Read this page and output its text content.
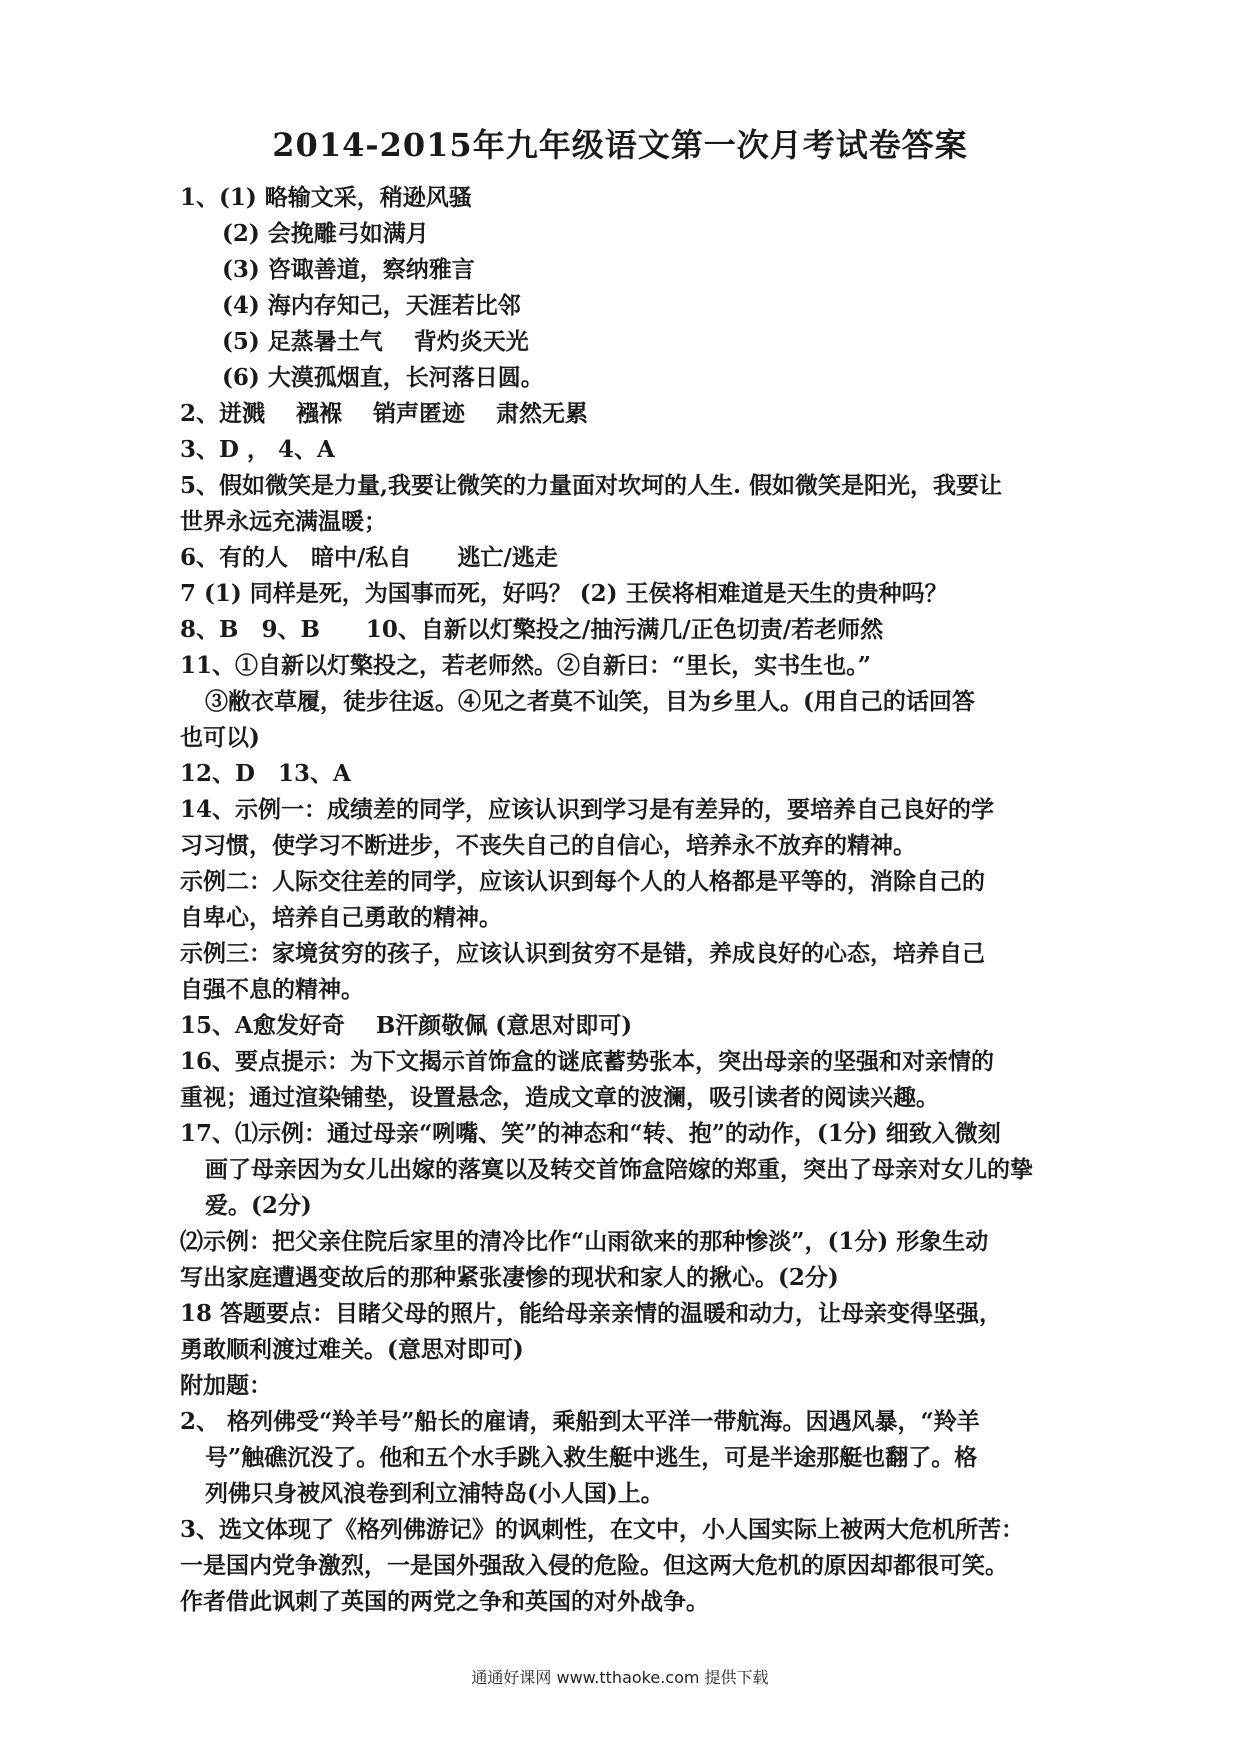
2014-2015年九年级语文第一次月考试卷答案
1、(1) 略输文采，稍逊风骚
(2) 会挽雕弓如满月
(3) 咨诹善道，察纳雅言
(4) 海内存知己，天涯若比邻
(5) 足蒸暑土气　 背灼炎天光
(6) 大漠孤烟直，长河落日圆。
2、迸溅　 襁褓　 销声匿迹　 肃然无累
3、D ， 4、A
5、假如微笑是力量,我要让微笑的力量面对坎坷的人生. 假如微笑是阳光，我要让
世界永远充满温暖；
6、有的人　暗中/私自　　逃亡/逃走
7 (1) 同样是死，为国事而死，好吗？ (2) 王侯将相难道是天生的贵种吗？
8、B　9、B　　10、自新以灯檠投之/抽污满几/正色切责/若老师然
11、①自新以灯檠投之，若老师然。②自新曰：“里长，实书生也。”
③敝衣草履，徒步往返。④见之者莫不讪笑，目为乡里人。(用自己的话回答
也可以)
12、D　13、A
14、示例一：成绩差的同学，应该认识到学习是有差异的，要培养自己良好的学
习习惯，使学习不断进步，不丧失自己的自信心，培养永不放弃的精神。
示例二：人际交往差的同学，应该认识到每个人的人格都是平等的，消除自己的
自卑心，培养自己勇敢的精神。
示例三：家境贫穷的孩子，应该认识到贫穷不是错，养成良好的心态，培养自己
自强不息的精神。
15、A愈发好奇　 B汗颜敬佩 (意思对即可)
16、要点提示：为下文揭示首饰盒的谜底蓄势张本，突出母亲的坚强和对亲情的
重视；通过渲染铺垫，设置悬念，造成文章的波澜，吸引读者的阅读兴趣。
17、⑴示例：通过母亲“咧嘴、笑”的神态和“转、抱”的动作，(1分) 细致入微刻
画了母亲因为女儿出嫁的落寞以及转交首饰盒陪嫁的郑重，突出了母亲对女儿的挚
爱。(2分)
⑵示例：把父亲住院后家里的清冷比作“山雨欲来的那种惨淡”，(1分) 形象生动
写出家庭遭遇变故后的那种紧张凄惨的现状和家人的揪心。(2分)
18 答题要点：目睹父母的照片，能给母亲亲情的温暖和动力，让母亲变得坚强，
勇敢顺利渡过难关。(意思对即可)
附加题：
2、 格列佛受“羚羊号”船长的雇请，乘船到太平洋一带航海。因遇风暴，“羚羊
号”触礁沉没了。他和五个水手跳入救生艇中逃生，可是半途那艇也翻了。格
列佛只身被风浪卷到利立浦特岛(小人国)上。
3、选文体现了《格列佛游记》的讽刺性，在文中，小人国实际上被两大危机所苦：
一是国内党争激烈，一是国外强敌入侵的危险。但这两大危机的原因却都很可笑。
作者借此讽刺了英国的两党之争和英国的对外战争。
通通好课网 www.tthaoke.com 提供下载
